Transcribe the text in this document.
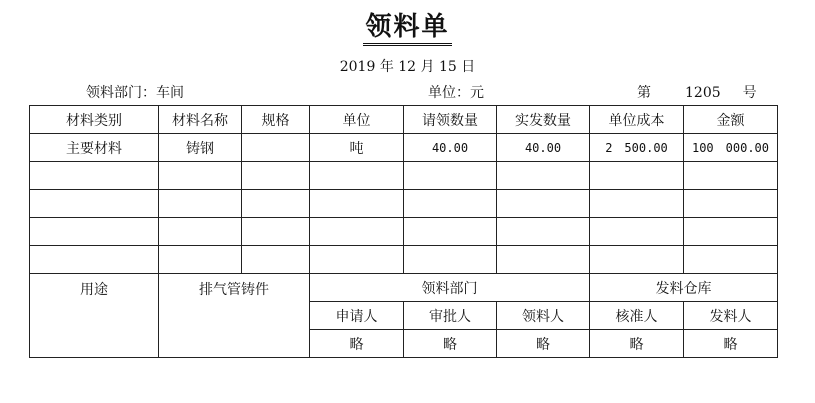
领料单
2019 年 12 月 15 日
领料部门：车间	单位：元	第 1205 号
材料类别	材料名称	规格	单位	请领数量	实发数量	单位成本	金额
主要材料	铸钢		吨	40.00	40.00	2　500.00	100　000.00

用途	排气管铸件		领料部门			发料仓库	
			申请人	审批人	领料人	核准人	发料人
			略	略	略	略	略
